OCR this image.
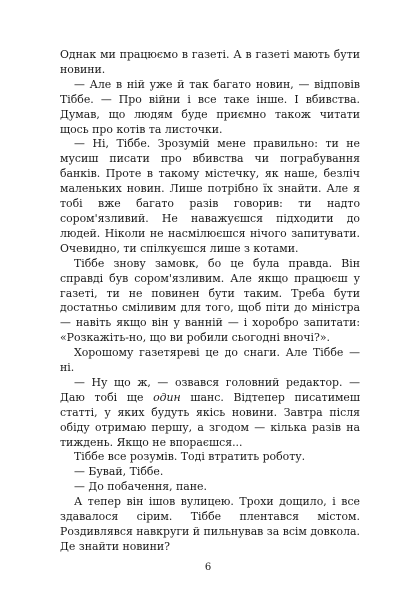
Однак ми працюємо в газеті. А в газеті мають бути новини.

— Але в ній уже й так багато новин, — відповів Тіббе. — Про війни і все таке інше. І вбивства. Думав, що людям буде приємно також читати щось про котів та листочки.

— Ні, Тіббе. Зрозумій мене правильно: ти не мусиш писати про вбивства чи пограбування банків. Проте в такому містечку, як наше, безліч маленьких новин. Лише потрібно їх знайти. Але я тобі вже багато разів говорив: ти надто сором'язливий. Не наважуєшся підходити до людей. Ніколи не насмілюєшся нічого запитувати. Очевидно, ти спілкуєшся лише з котами.

Тіббе знову замовк, бо це була правда. Він справді був сором'язливим. Але якщо працюєш у газеті, ти не повинен бути таким. Треба бути достатньо сміливим для того, щоб піти до міністра — навіть якщо він у ванній — і хоробро запитати: «Розкажіть-но, що ви робили сьогодні вночі?».

Хорошому газетяреві це до снаги. Але Тіббе — ні.

— Ну що ж, — озвався головний редактор. — Даю тобі ще один шанс. Відтепер писатимеш статті, у яких будуть якісь новини. Завтра після обіду отримаю першу, а згодом — кілька разів на тиждень. Якщо не впораєшся...

Тіббе все розумів. Тоді втратить роботу.

— Бувай, Тіббе.

— До побачення, пане.

А тепер він ішов вулицею. Трохи дощило, і все здавалося сірим. Тіббе плентався містом. Роздивлявся навкруги й пильнував за всім довкола. Де знайти новини?

6
